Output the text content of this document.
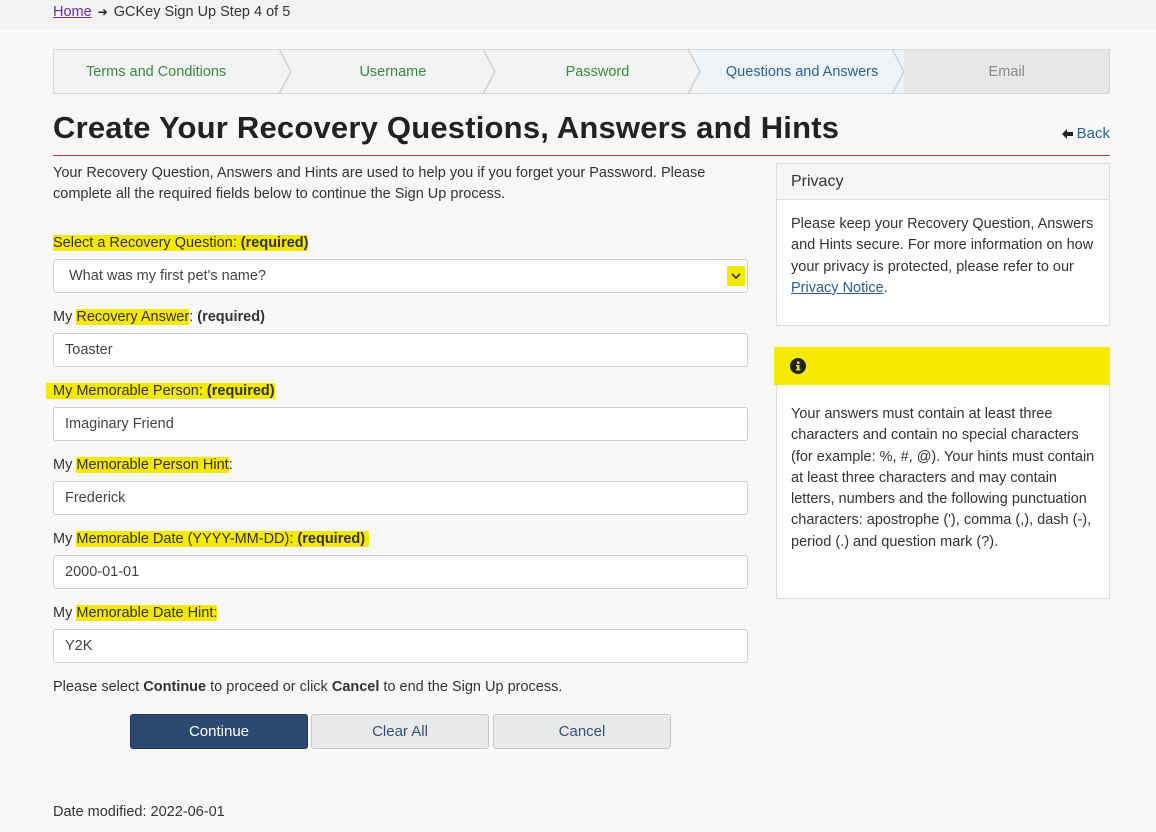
Home ➔ GCKey Sign Up Step 4 of 5
Terms and Conditions	Username	Password	Questions and Answers	Email
Create Your Recovery Questions, Answers and Hints	Back

Your Recovery Question, Answers and Hints are used to help you if you forget your Password. Please complete all the required fields below to continue the Sign Up process.

Select a Recovery Question: (required)
What was my first pet's name?
My Recovery Answer: (required)
Toaster
My Memorable Person: (required)
Imaginary Friend
My Memorable Person Hint:
Frederick
My Memorable Date (YYYY-MM-DD): (required)
2000-01-01
My Memorable Date Hint:
Y2K

Please select Continue to proceed or click Cancel to end the Sign Up process.

Continue	Clear All	Cancel

Date modified: 2022-06-01

Privacy
Please keep your Recovery Question, Answers and Hints secure. For more information on how your privacy is protected, please refer to our Privacy Notice.
Your answers must contain at least three characters and contain no special characters (for example: %, #, @). Your hints must contain at least three characters and may contain letters, numbers and the following punctuation characters: apostrophe ('), comma (,), dash (-), period (.) and question mark (?).
